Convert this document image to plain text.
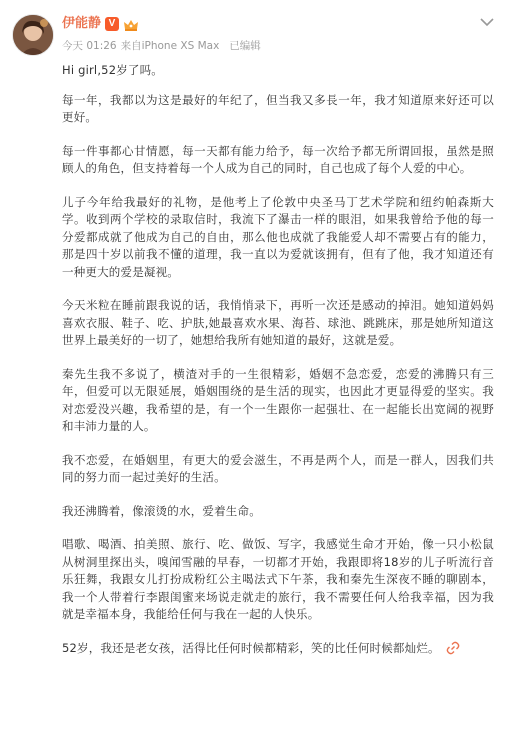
伊能静 V
今天 01:26 来自iPhone XS Max 已编辑

Hi girl,52岁了吗。

每一年，我都以为这是最好的年纪了，但当我又多長一年，我才知道原来好还可以更好。

每一件事都心甘情愿，每一天都有能力给予，每一次给予都无所谓回报，虽然是照顾人的角色，但支持着每一个人成为自己的同时，自己也成了每个人爱的中心。

儿子今年给我最好的礼物，是他考上了伦敦中央圣马丁艺术学院和纽约帕森斯大学。收到两个学校的录取信时，我流下了瀑击一样的眼泪，如果我曾给予他的每一分爱都成就了他成为自己的自由，那么他也成就了我能爱人却不需要占有的能力，那是四十岁以前我不懂的道理，我一直以为爱就该拥有，但有了他，我才知道还有一种更大的爱是凝视。

今天米粒在睡前跟我说的话，我悄悄录下，再听一次还是感动的掉泪。她知道妈妈喜欢衣服、鞋子、吃、护肤,她最喜欢水果、海苔、球池、跳跳床，那是她所知道这世界上最美好的一切了，她想给我所有她知道的最好，这就是爱。

秦先生我不多说了，横渣对手的一生很精彩，婚姻不急恋爱，恋爱的沸腾只有三年，但爱可以无限延展，婚姻围绕的是生活的现实，也因此才更显得爱的坚实。我对恋爱没兴趣，我希望的是，有一个一生跟你一起强壮、在一起能长出宽阔的视野和丰沛力量的人。

我不恋爱，在婚姻里，有更大的爱会滋生，不再是两个人，而是一群人，因我们共同的努力而一起过美好的生活。

我还沸腾着，像滚烫的水，爱着生命。

唱歌、喝酒、拍美照、旅行、吃、做饭、写字，我感觉生命才开始，像一只小松鼠从树洞里探出头，嗅闻雪融的早春，一切都才开始，我跟即将18岁的儿子听流行音乐狂舞，我跟女儿打扮成粉红公主喝法式下午茶，我和秦先生深夜不睡的聊剧本，我一个人带着行李跟闺蜜来场说走就走的旅行，我不需要任何人给我幸福，因为我就是幸福本身，我能给任何与我在一起的人快乐。

52岁，我还是老女孩，活得比任何时候都精彩，笑的比任何时候都灿烂。
